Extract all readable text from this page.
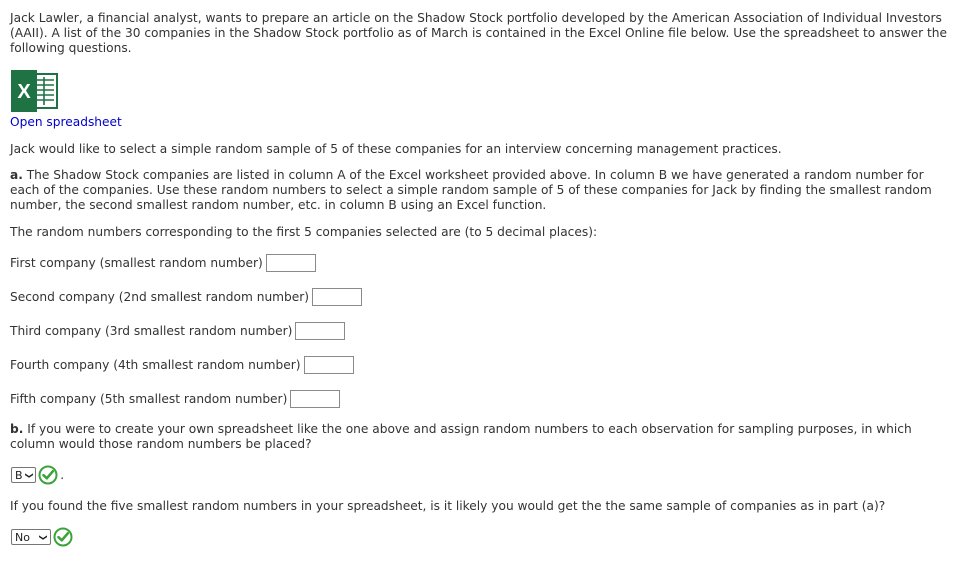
Jack Lawler, a financial analyst, wants to prepare an article on the Shadow Stock portfolio developed by the American Association of Individual Investors (AAII). A list of the 30 companies in the Shadow Stock portfolio as of March is contained in the Excel Online file below. Use the spreadsheet to answer the following questions.

X
Open spreadsheet

Jack would like to select a simple random sample of 5 of these companies for an interview concerning management practices.

a. The Shadow Stock companies are listed in column A of the Excel worksheet provided above. In column B we have generated a random number for each of the companies. Use these random numbers to select a simple random sample of 5 of these companies for Jack by finding the smallest random number, the second smallest random number, etc. in column B using an Excel function.

The random numbers corresponding to the first 5 companies selected are (to 5 decimal places):

First company (smallest random number)
Second company (2nd smallest random number)
Third company (3rd smallest random number)
Fourth company (4th smallest random number)
Fifth company (5th smallest random number)

b. If you were to create your own spreadsheet like the one above and assign random numbers to each observation for sampling purposes, in which column would those random numbers be placed?

B ❯ .

If you found the five smallest random numbers in your spreadsheet, is it likely you would get the the same sample of companies as in part (a)?

No ❯
